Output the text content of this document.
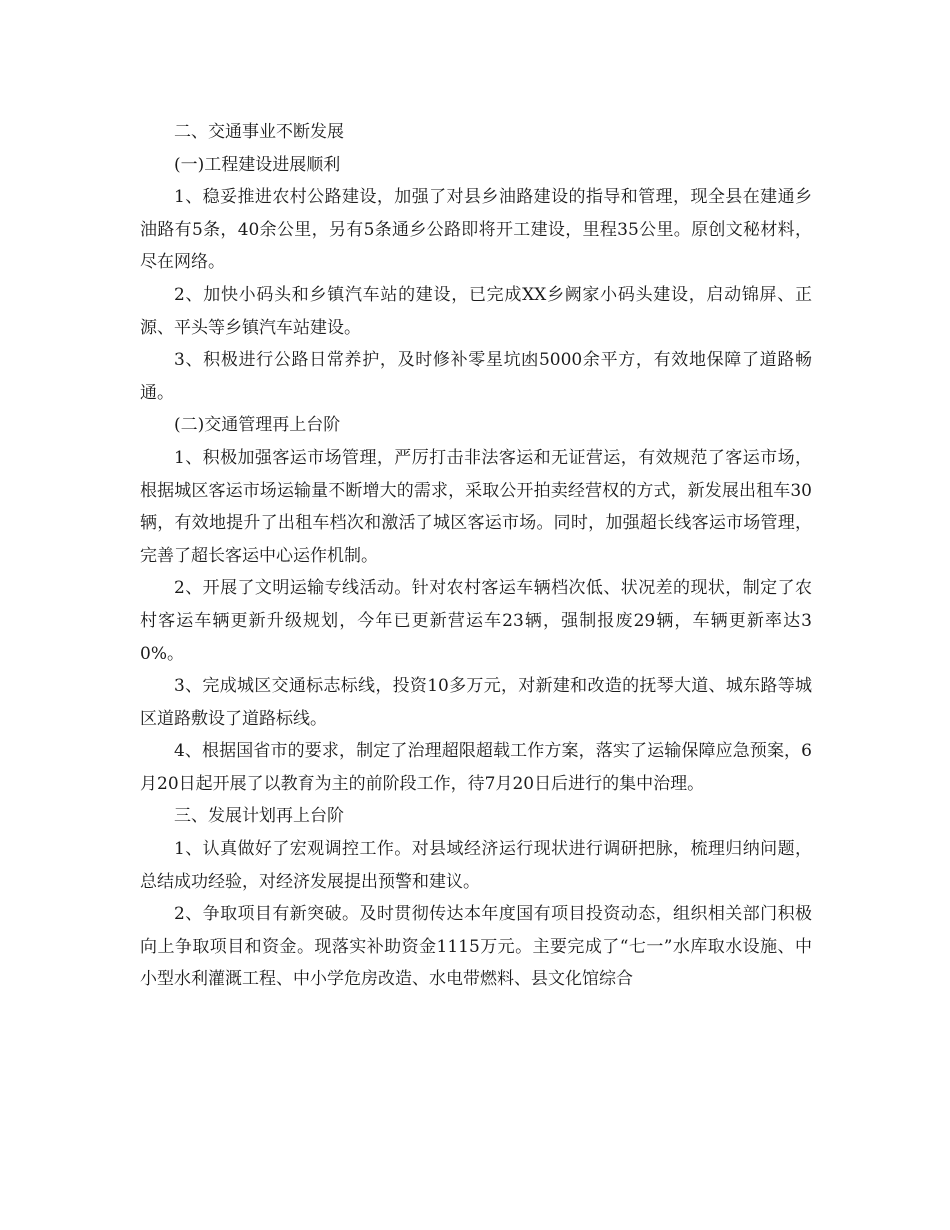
二、交通事业不断发展

(一)工程建设进展顺利

1、稳妥推进农村公路建设，加强了对县乡油路建设的指导和管理，现全县在建通乡油路有5条，40余公里，另有5条通乡公路即将开工建设，里程35公里。原创文秘材料，尽在网络。

2、加快小码头和乡镇汽车站的建设，已完成XX乡阙家小码头建设，启动锦屏、正源、平头等乡镇汽车站建设。

3、积极进行公路日常养护，及时修补零星坑凼5000余平方，有效地保障了道路畅通。

(二)交通管理再上台阶

1、积极加强客运市场管理，严厉打击非法客运和无证营运，有效规范了客运市场，根据城区客运市场运输量不断增大的需求，采取公开拍卖经营权的方式，新发展出租车30辆，有效地提升了出租车档次和激活了城区客运市场。同时，加强超长线客运市场管理，完善了超长客运中心运作机制。

2、开展了文明运输专线活动。针对农村客运车辆档次低、状况差的现状，制定了农村客运车辆更新升级规划，今年已更新营运车23辆，强制报废29辆，车辆更新率达30%。

3、完成城区交通标志标线，投资10多万元，对新建和改造的抚琴大道、城东路等城区道路敷设了道路标线。

4、根据国省市的要求，制定了治理超限超载工作方案，落实了运输保障应急预案，6月20日起开展了以教育为主的前阶段工作，待7月20日后进行的集中治理。

三、发展计划再上台阶

1、认真做好了宏观调控工作。对县域经济运行现状进行调研把脉，梳理归纳问题，总结成功经验，对经济发展提出预警和建议。

2、争取项目有新突破。及时贯彻传达本年度国有项目投资动态，组织相关部门积极向上争取项目和资金。现落实补助资金1115万元。主要完成了“七一”水库取水设施、中小型水利灌溉工程、中小学危房改造、水电带燃料、县文化馆综合
